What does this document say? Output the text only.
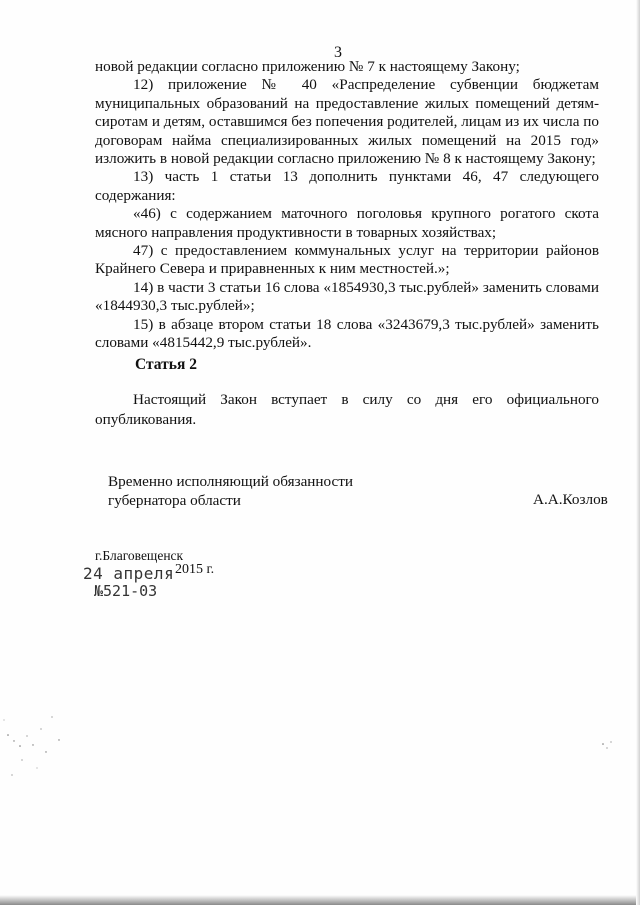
3

новой редакции согласно приложению № 7 к настоящему Закону;

12) приложение № 40 «Распределение субвенции бюджетам муниципальных образований на предоставление жилых помещений детям-сиротам и детям, оставшимся без попечения родителей, лицам из их числа по договорам найма специализированных жилых помещений на 2015 год» изложить в новой редакции согласно приложению № 8 к настоящему Закону;

13) часть 1 статьи 13 дополнить пунктами 46, 47 следующего содержания:

«46) с содержанием маточного поголовья крупного рогатого скота мясного направления продуктивности в товарных хозяйствах;

47) с предоставлением коммунальных услуг на территории районов Крайнего Севера и приравненных к ним местностей.»;

14) в части 3 статьи 16 слова «1854930,3 тыс.рублей» заменить словами «1844930,3 тыс.рублей»;

15) в абзаце втором статьи 18 слова «3243679,3 тыс.рублей» заменить словами «4815442,9 тыс.рублей».

Статья 2

Настоящий Закон вступает в силу со дня его официального опубликования.

Временно исполняющий обязанности
губернатора области	А.А.Козлов
г.Благовещенск
24 апреля 2015 г.
№521-03
